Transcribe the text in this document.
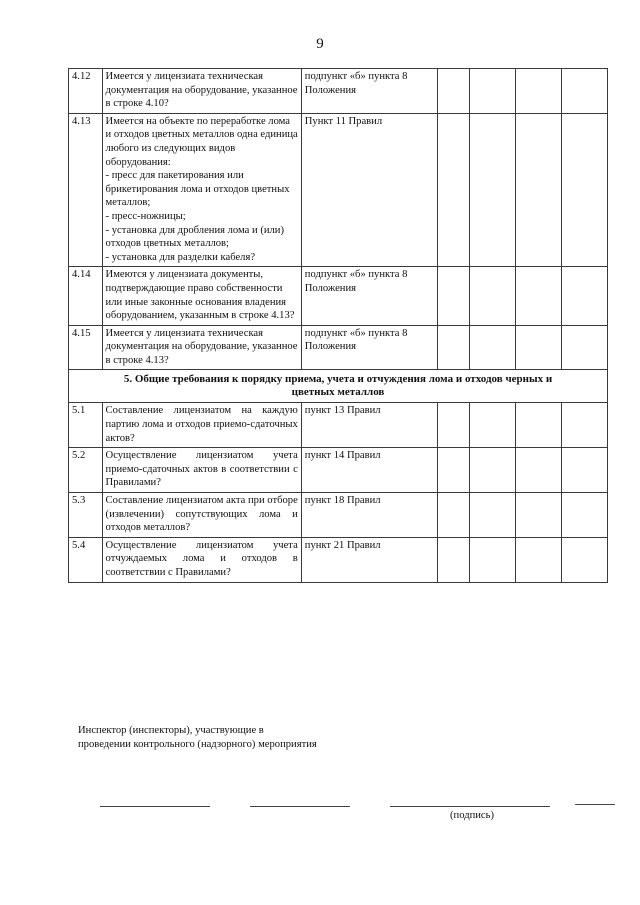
9
4.12	Имеется у лицензиата техническая документация на оборудование, указанное в строке 4.10?	подпункт «б» пункта 8 Положения				
4.13	Имеется на объекте по переработке лома и отходов цветных металлов одна единица любого из следующих видов оборудования:
- пресс для пакетирования или брикетирования лома и отходов цветных металлов;
- пресс-ножницы;
- установка для дробления лома и (или) отходов цветных металлов;
- установка для разделки кабеля?	Пункт 11 Правил				
4.14	Имеются у лицензиата документы, подтверждающие право собственности или иные законные основания владения оборудованием, указанным в строке 4.13?	подпункт «б» пункта 8 Положения				
4.15	Имеется у лицензиата техническая документация на оборудование, указанное в строке 4.13?	подпункт «б» пункта 8 Положения				
5. Общие требования к порядку приема, учета и отчуждения лома и отходов черных и цветных металлов						
5.1	Составление лицензиатом на каждую партию лома и отходов приемо-сдаточных актов?	пункт 13 Правил				
5.2	Осуществление лицензиатом учета приемо-сдаточных актов в соответствии с Правилами?	пункт 14 Правил				
5.3	Составление лицензиатом акта при отборе (извлечении) сопутствующих лома и отходов металлов?	пункт 18 Правил				
5.4	Осуществление лицензиатом учета отчуждаемых лома и отходов в соответствии с Правилами?	пункт 21 Правил				
Инспектор (инспекторы), участвующие в проведении контрольного (надзорного) мероприятия
(подпись)
